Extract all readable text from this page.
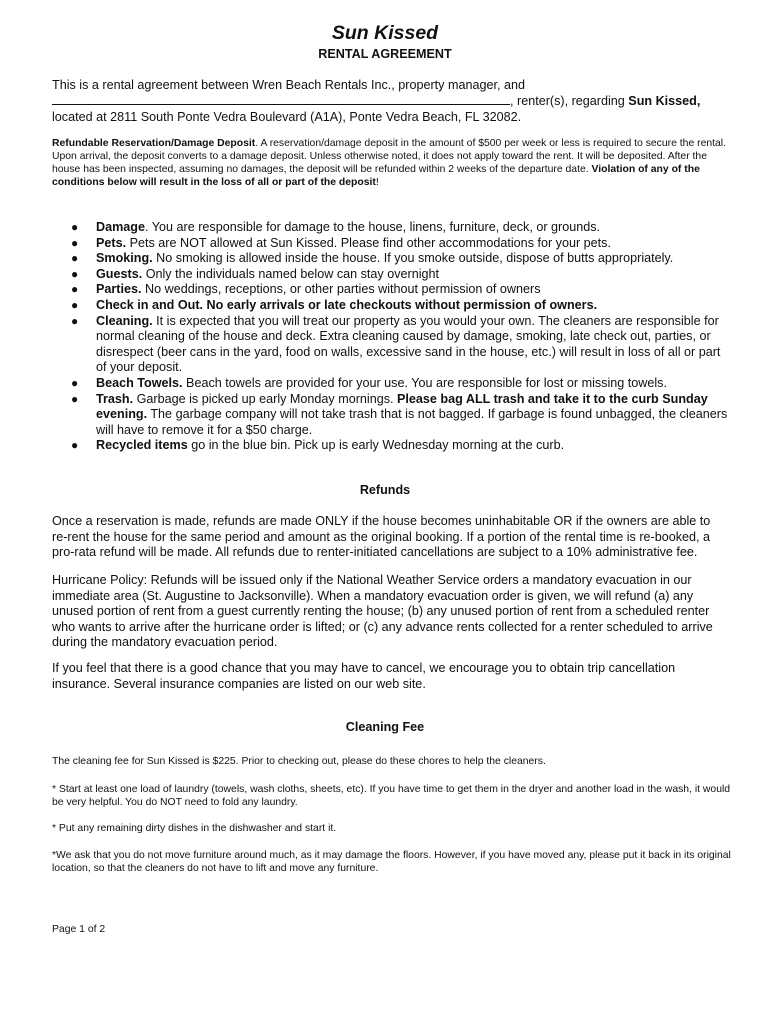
Sun Kissed
RENTAL AGREEMENT

This is a rental agreement between Wren Beach Rentals Inc., property manager, and
, renter(s), regarding Sun Kissed,
located at 2811 South Ponte Vedra Boulevard (A1A), Ponte Vedra Beach, FL 32082.

Refundable Reservation/Damage Deposit. A reservation/damage deposit in the amount of $500 per week or less is required to secure the rental. Upon arrival, the deposit converts to a damage deposit. Unless otherwise noted, it does not apply toward the rent. It will be deposited. After the house has been inspected, assuming no damages, the deposit will be refunded within 2 weeks of the departure date. Violation of any of the conditions below will result in the loss of all or part of the deposit!

● Damage. You are responsible for damage to the house, linens, furniture, deck, or grounds.
● Pets. Pets are NOT allowed at Sun Kissed. Please find other accommodations for your pets.
● Smoking. No smoking is allowed inside the house. If you smoke outside, dispose of butts appropriately.
● Guests. Only the individuals named below can stay overnight
● Parties. No weddings, receptions, or other parties without permission of owners
● Check in and Out. No early arrivals or late checkouts without permission of owners.
● Cleaning. It is expected that you will treat our property as you would your own. The cleaners are responsible for normal cleaning of the house and deck. Extra cleaning caused by damage, smoking, late check out, parties, or disrespect (beer cans in the yard, food on walls, excessive sand in the house, etc.) will result in loss of all or part of your deposit.
● Beach Towels. Beach towels are provided for your use. You are responsible for lost or missing towels.
● Trash. Garbage is picked up early Monday mornings. Please bag ALL trash and take it to the curb Sunday evening. The garbage company will not take trash that is not bagged. If garbage is found unbagged, the cleaners will have to remove it for a $50 charge.
● Recycled items go in the blue bin. Pick up is early Wednesday morning at the curb.
Refunds

Once a reservation is made, refunds are made ONLY if the house becomes uninhabitable OR if the owners are able to re-rent the house for the same period and amount as the original booking. If a portion of the rental time is re-booked, a pro-rata refund will be made. All refunds due to renter-initiated cancellations are subject to a 10% administrative fee.

Hurricane Policy: Refunds will be issued only if the National Weather Service orders a mandatory evacuation in our immediate area (St. Augustine to Jacksonville). When a mandatory evacuation order is given, we will refund (a) any unused portion of rent from a guest currently renting the house; (b) any unused portion of rent from a scheduled renter who wants to arrive after the hurricane order is lifted; or (c) any advance rents collected for a renter scheduled to arrive during the mandatory evacuation period.

If you feel that there is a good chance that you may have to cancel, we encourage you to obtain trip cancellation insurance. Several insurance companies are listed on our web site.

Cleaning Fee

The cleaning fee for Sun Kissed is $225. Prior to checking out, please do these chores to help the cleaners.

* Start at least one load of laundry (towels, wash cloths, sheets, etc). If you have time to get them in the dryer and another load in the wash, it would be very helpful. You do NOT need to fold any laundry.

* Put any remaining dirty dishes in the dishwasher and start it.

*We ask that you do not move furniture around much, as it may damage the floors. However, if you have moved any, please put it back in its original location, so that the cleaners do not have to lift and move any furniture.

Page 1 of 2
